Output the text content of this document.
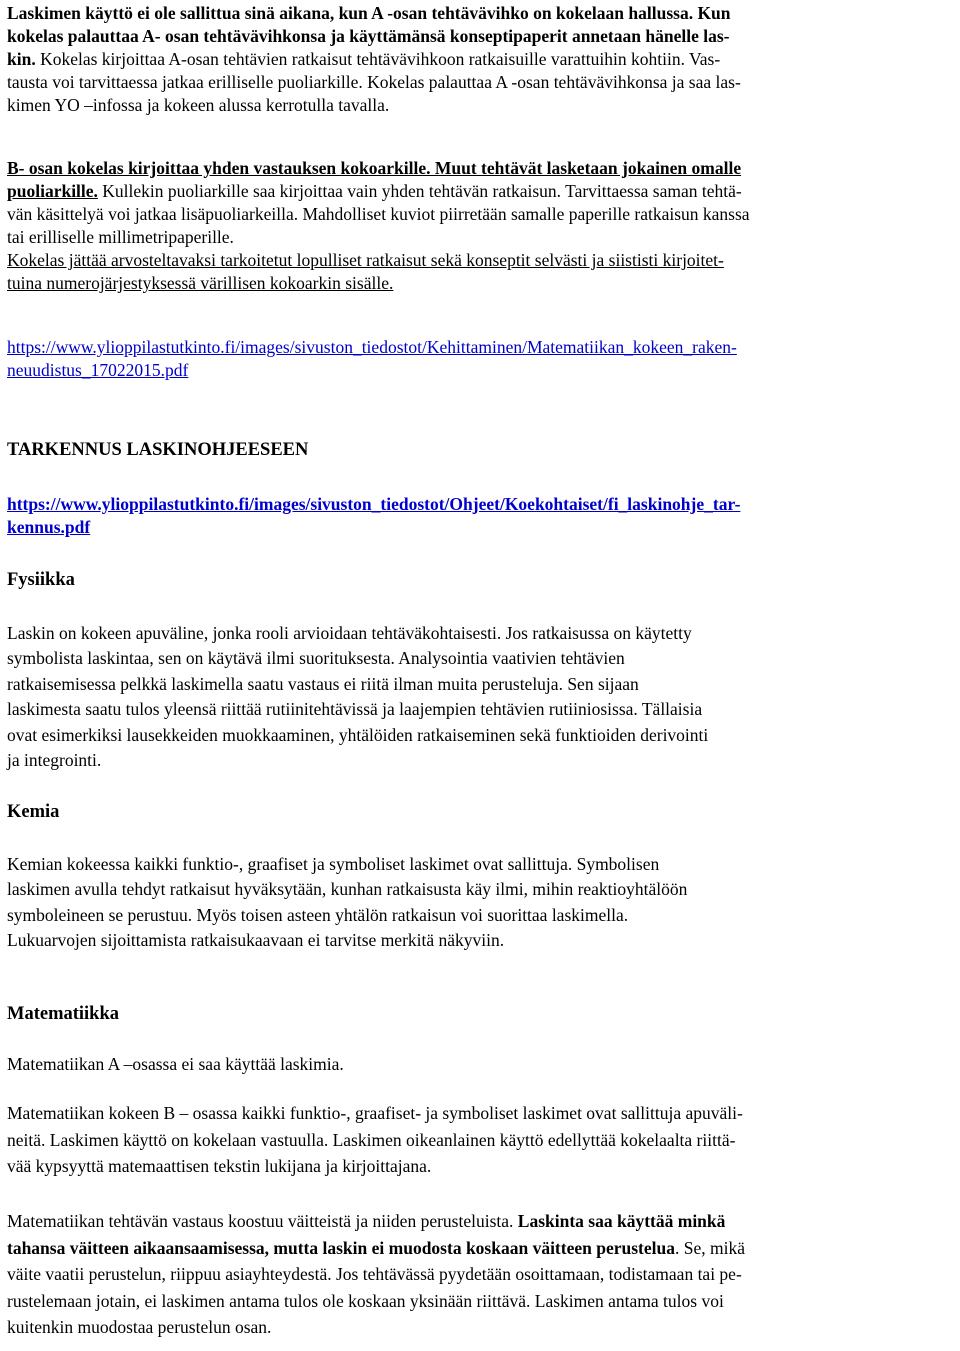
Laskimen käyttö ei ole sallittua sinä aikana, kun A -osan tehtävävihko on kokelaan hallussa. Kun
kokelas palauttaa A- osan tehtävävihkonsa ja käyttämänsä konseptipaperit annetaan hänelle las-
kin. Kokelas kirjoittaa A-osan tehtävien ratkaisut tehtävävihkoon ratkaisuille varattuihin kohtiin. Vas-
tausta voi tarvittaessa jatkaa erilliselle puoliarkille. Kokelas palauttaa A -osan tehtävävihkonsa ja saa las-
kimen YO –infossa ja kokeen alussa kerrotulla tavalla.
B- osan kokelas kirjoittaa yhden vastauksen kokoarkille. Muut tehtävät lasketaan jokainen omalle
puoliarkille. Kullekin puoliarkille saa kirjoittaa vain yhden tehtävän ratkaisun. Tarvittaessa saman tehtä-
vän käsittelyä voi jatkaa lisäpuoliarkeilla. Mahdolliset kuviot piirretään samalle paperille ratkaisun kanssa
tai erilliselle millimetripaperille.
Kokelas jättää arvosteltavaksi tarkoitetut lopulliset ratkaisut sekä konseptit selvästi ja siististi kirjoitet-
tuina numerojärjestyksessä värillisen kokoarkin sisälle.
https://www.ylioppilastutkinto.fi/images/sivuston_tiedostot/Kehittaminen/Matematiikan_kokeen_raken-
neuudistus_17022015.pdf
TARKENNUS LASKINOHJEESEEN
https://www.ylioppilastutkinto.fi/images/sivuston_tiedostot/Ohjeet/Koekohtaiset/fi_laskinohje_tar-
kennus.pdf
Fysiikka
Laskin on kokeen apuväline, jonka rooli arvioidaan tehtäväkohtaisesti. Jos ratkaisussa on käytetty
symbolista laskintaa, sen on käytävä ilmi suorituksesta. Analysointia vaativien tehtävien
ratkaisemisessa pelkkä laskimella saatu vastaus ei riitä ilman muita perusteluja. Sen sijaan
laskimesta saatu tulos yleensä riittää rutiinitehtävissä ja laajempien tehtävien rutiiniosissa. Tällaisia
ovat esimerkiksi lausekkeiden muokkaaminen, yhtälöiden ratkaiseminen sekä funktioiden derivointi
ja integrointi.
Kemia
Kemian kokeessa kaikki funktio-, graafiset ja symboliset laskimet ovat sallittuja. Symbolisen
laskimen avulla tehdyt ratkaisut hyväksytään, kunhan ratkaisusta käy ilmi, mihin reaktioyhtälöön
symboleineen se perustuu. Myös toisen asteen yhtälön ratkaisun voi suorittaa laskimella.
Lukuarvojen sijoittamista ratkaisukaavaan ei tarvitse merkitä näkyviin.
Matematiikka
Matematiikan A –osassa ei saa käyttää laskimia.
Matematiikan kokeen B – osassa kaikki funktio-, graafiset- ja symboliset laskimet ovat sallittuja apuväli-
neitä. Laskimen käyttö on kokelaan vastuulla. Laskimen oikeanlainen käyttö edellyttää kokelaalta riittä-
vää kypsyyttä matemaattisen tekstin lukijana ja kirjoittajana.
Matematiikan tehtävän vastaus koostuu väitteistä ja niiden perusteluista. Laskinta saa käyttää minkä
tahansa väitteen aikaansaamisessa, mutta laskin ei muodosta koskaan väitteen perustelua. Se, mikä
väite vaatii perustelun, riippuu asiayhteydestä. Jos tehtävässä pyydetään osoittamaan, todistamaan tai pe-
rustelemaan jotain, ei laskimen antama tulos ole koskaan yksinään riittävä. Laskimen antama tulos voi
kuitenkin muodostaa perustelun osan.
